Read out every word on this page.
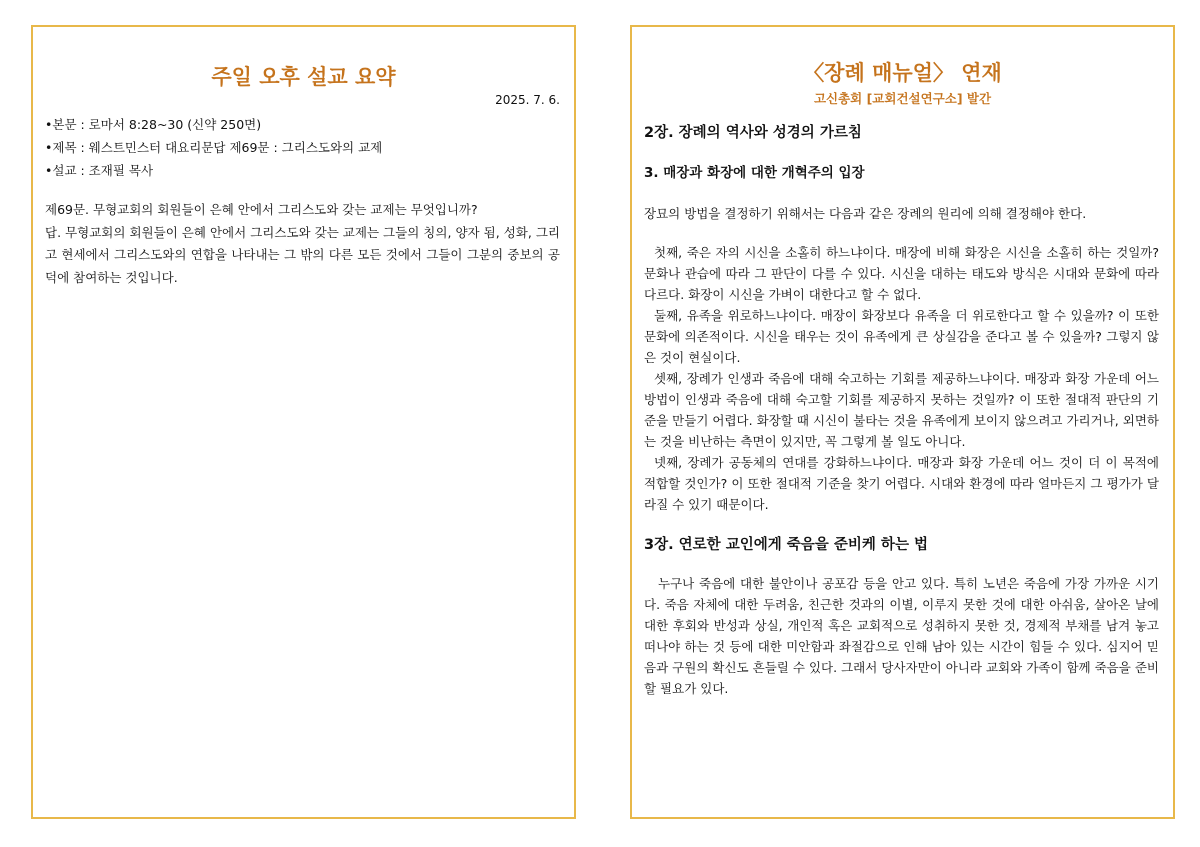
주일 오후 설교 요약
2025. 7. 6.
•본문 : 로마서 8:28~30 (신약 250면)
•제목 : 웨스트민스터 대요리문답 제69문 : 그리스도와의 교제
•설교 : 조재필 목사

제69문. 무형교회의 회원들이 은혜 안에서 그리스도와 갖는 교제는 무엇입니까?

답. 무형교회의 회원들이 은혜 안에서 그리스도와 갖는 교제는 그들의 칭의, 양자 됨, 성화, 그리고 현세에서 그리스도와의 연합을 나타내는 그 밖의 다른 모든 것에서 그들이 그분의 중보의 공덕에 참여하는 것입니다.

〈장례 매뉴얼〉 연재
고신총회 [교회건설연구소] 발간
2장. 장례의 역사와 성경의 가르침
3. 매장과 화장에 대한 개혁주의 입장

장묘의 방법을 결정하기 위해서는 다음과 같은 장례의 원리에 의해 결정해야 한다.

첫째, 죽은 자의 시신을 소홀히 하느냐이다. 매장에 비해 화장은 시신을 소홀히 하는 것일까? 문화나 관습에 따라 그 판단이 다를 수 있다. 시신을 대하는 태도와 방식은 시대와 문화에 따라 다르다. 화장이 시신을 가벼이 대한다고 할 수 없다.

둘째, 유족을 위로하느냐이다. 매장이 화장보다 유족을 더 위로한다고 할 수 있을까? 이 또한 문화에 의존적이다. 시신을 태우는 것이 유족에게 큰 상실감을 준다고 볼 수 있을까? 그렇지 않은 것이 현실이다.

셋째, 장례가 인생과 죽음에 대해 숙고하는 기회를 제공하느냐이다. 매장과 화장 가운데 어느 방법이 인생과 죽음에 대해 숙고할 기회를 제공하지 못하는 것일까? 이 또한 절대적 판단의 기준을 만들기 어렵다. 화장할 때 시신이 불타는 것을 유족에게 보이지 않으려고 가리거나, 외면하는 것을 비난하는 측면이 있지만, 꼭 그렇게 볼 일도 아니다.

넷째, 장례가 공동체의 연대를 강화하느냐이다. 매장과 화장 가운데 어느 것이 더 이 목적에 적합할 것인가? 이 또한 절대적 기준을 찾기 어렵다. 시대와 환경에 따라 얼마든지 그 평가가 달라질 수 있기 때문이다.

3장. 연로한 교인에게 죽음을 준비케 하는 법

누구나 죽음에 대한 불안이나 공포감 등을 안고 있다. 특히 노년은 죽음에 가장 가까운 시기다. 죽음 자체에 대한 두려움, 친근한 것과의 이별, 이루지 못한 것에 대한 아쉬움, 살아온 날에 대한 후회와 반성과 상실, 개인적 혹은 교회적으로 성취하지 못한 것, 경제적 부채를 남겨 놓고 떠나야 하는 것 등에 대한 미안함과 좌절감으로 인해 남아 있는 시간이 힘들 수 있다. 심지어 믿음과 구원의 확신도 흔들릴 수 있다. 그래서 당사자만이 아니라 교회와 가족이 함께 죽음을 준비할 필요가 있다.
